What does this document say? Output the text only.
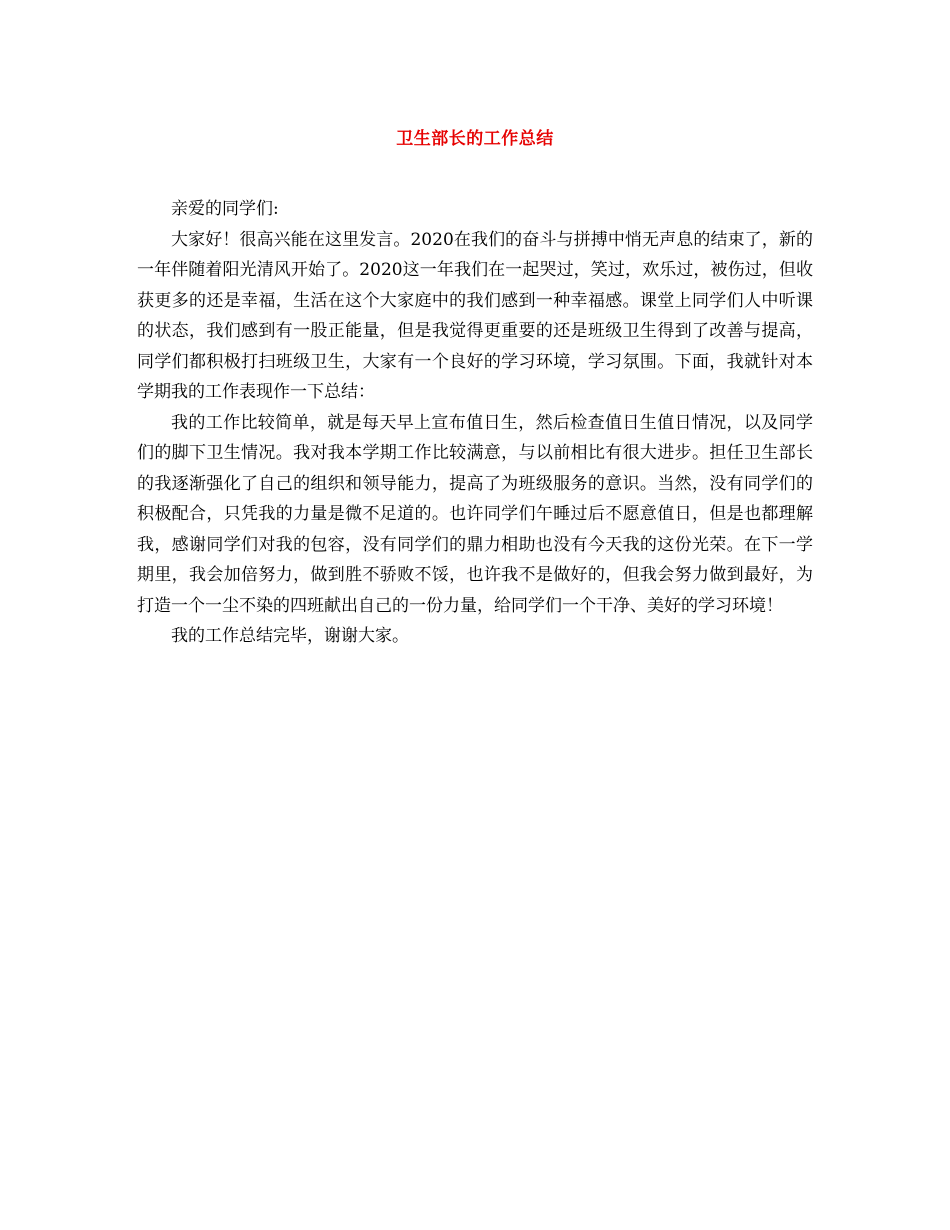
卫生部长的工作总结

亲爱的同学们:

大家好！很高兴能在这里发言。2020在我们的奋斗与拼搏中悄无声息的结束了，新的一年伴随着阳光清风开始了。2020这一年我们在一起哭过，笑过，欢乐过，被伤过，但收获更多的还是幸福，生活在这个大家庭中的我们感到一种幸福感。课堂上同学们人中听课的状态，我们感到有一股正能量，但是我觉得更重要的还是班级卫生得到了改善与提高，同学们都积极打扫班级卫生，大家有一个良好的学习环境，学习氛围。下面，我就针对本学期我的工作表现作一下总结：

我的工作比较简单，就是每天早上宣布值日生，然后检查值日生值日情况，以及同学们的脚下卫生情况。我对我本学期工作比较满意，与以前相比有很大进步。担任卫生部长的我逐渐强化了自己的组织和领导能力，提高了为班级服务的意识。当然，没有同学们的积极配合，只凭我的力量是微不足道的。也许同学们午睡过后不愿意值日，但是也都理解我，感谢同学们对我的包容，没有同学们的鼎力相助也没有今天我的这份光荣。在下一学期里，我会加倍努力，做到胜不骄败不馁，也许我不是做好的，但我会努力做到最好，为打造一个一尘不染的四班献出自己的一份力量，给同学们一个干净、美好的学习环境！

我的工作总结完毕，谢谢大家。
